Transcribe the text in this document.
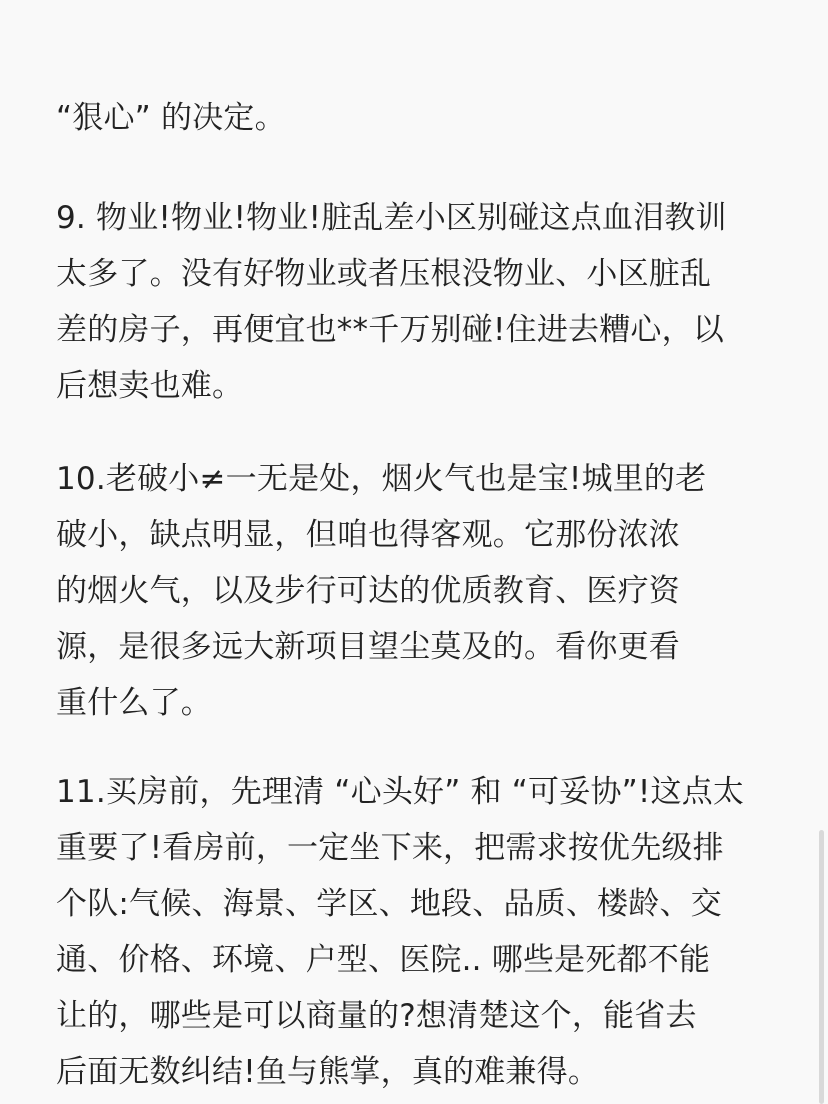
“狠心” 的决定。
9. 物业!物业!物业!脏乱差小区别碰这点血泪教训
太多了。没有好物业或者压根没物业、小区脏乱
差的房子，再便宜也**千万别碰!住进去糟心，以
后想卖也难。
10.老破小≠一无是处，烟火气也是宝!城里的老
破小，缺点明显，但咱也得客观。它那份浓浓
的烟火气，以及步行可达的优质教育、医疗资
源，是很多远大新项目望尘莫及的。看你更看
重什么了。
11.买房前，先理清 “心头好” 和 “可妥协”!这点太
重要了!看房前，一定坐下来，把需求按优先级排
个队:气候、海景、学区、地段、品质、楼龄、交
通、价格、环境、户型、医院.. 哪些是死都不能
让的，哪些是可以商量的?想清楚这个，能省去
后面无数纠结!鱼与熊掌，真的难兼得。
